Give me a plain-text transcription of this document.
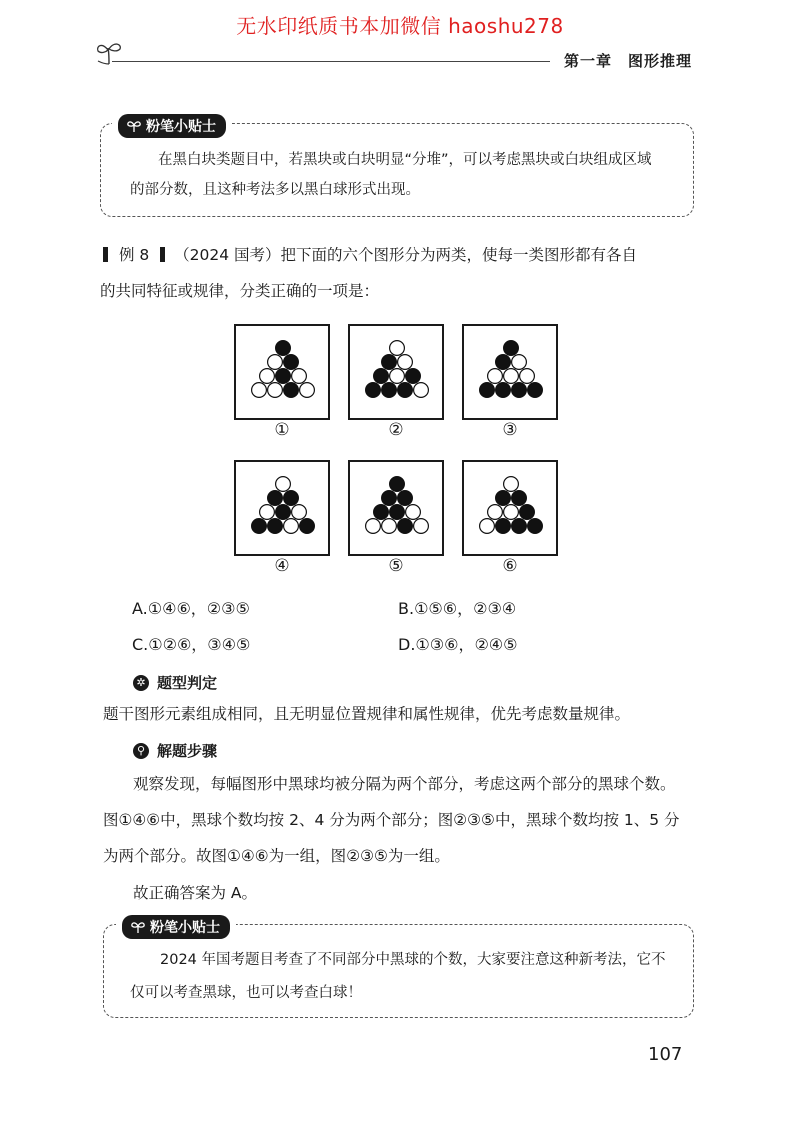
无水印纸质书本加微信 haoshu278
第一章　图形推理
粉笔小贴士
在黑白块类题目中，若黑块或白块明显“分堆”，可以考虑黑块或白块组成区域
的部分数，且这种考法多以黑白球形式出现。
例 8 （2024 国考）把下面的六个图形分为两类，使每一类图形都有各自
的共同特征或规律，分类正确的一项是：
①	②	③
④	⑤	⑥
A.①④⑥，②③⑤	B.①⑤⑥，②③④
C.①②⑥，③④⑤	D.①③⑥，②④⑤
✲ 题型判定
题干图形元素组成相同，且无明显位置规律和属性规律，优先考虑数量规律。
⚲ 解题步骤
观察发现，每幅图形中黑球均被分隔为两个部分，考虑这两个部分的黑球个数。
图①④⑥中，黑球个数均按 2、4 分为两个部分；图②③⑤中，黑球个数均按 1、5 分
为两个部分。故图①④⑥为一组，图②③⑤为一组。
故正确答案为 A。
粉笔小贴士
2024 年国考题目考查了不同部分中黑球的个数，大家要注意这种新考法，它不
仅可以考查黑球，也可以考查白球！
107
